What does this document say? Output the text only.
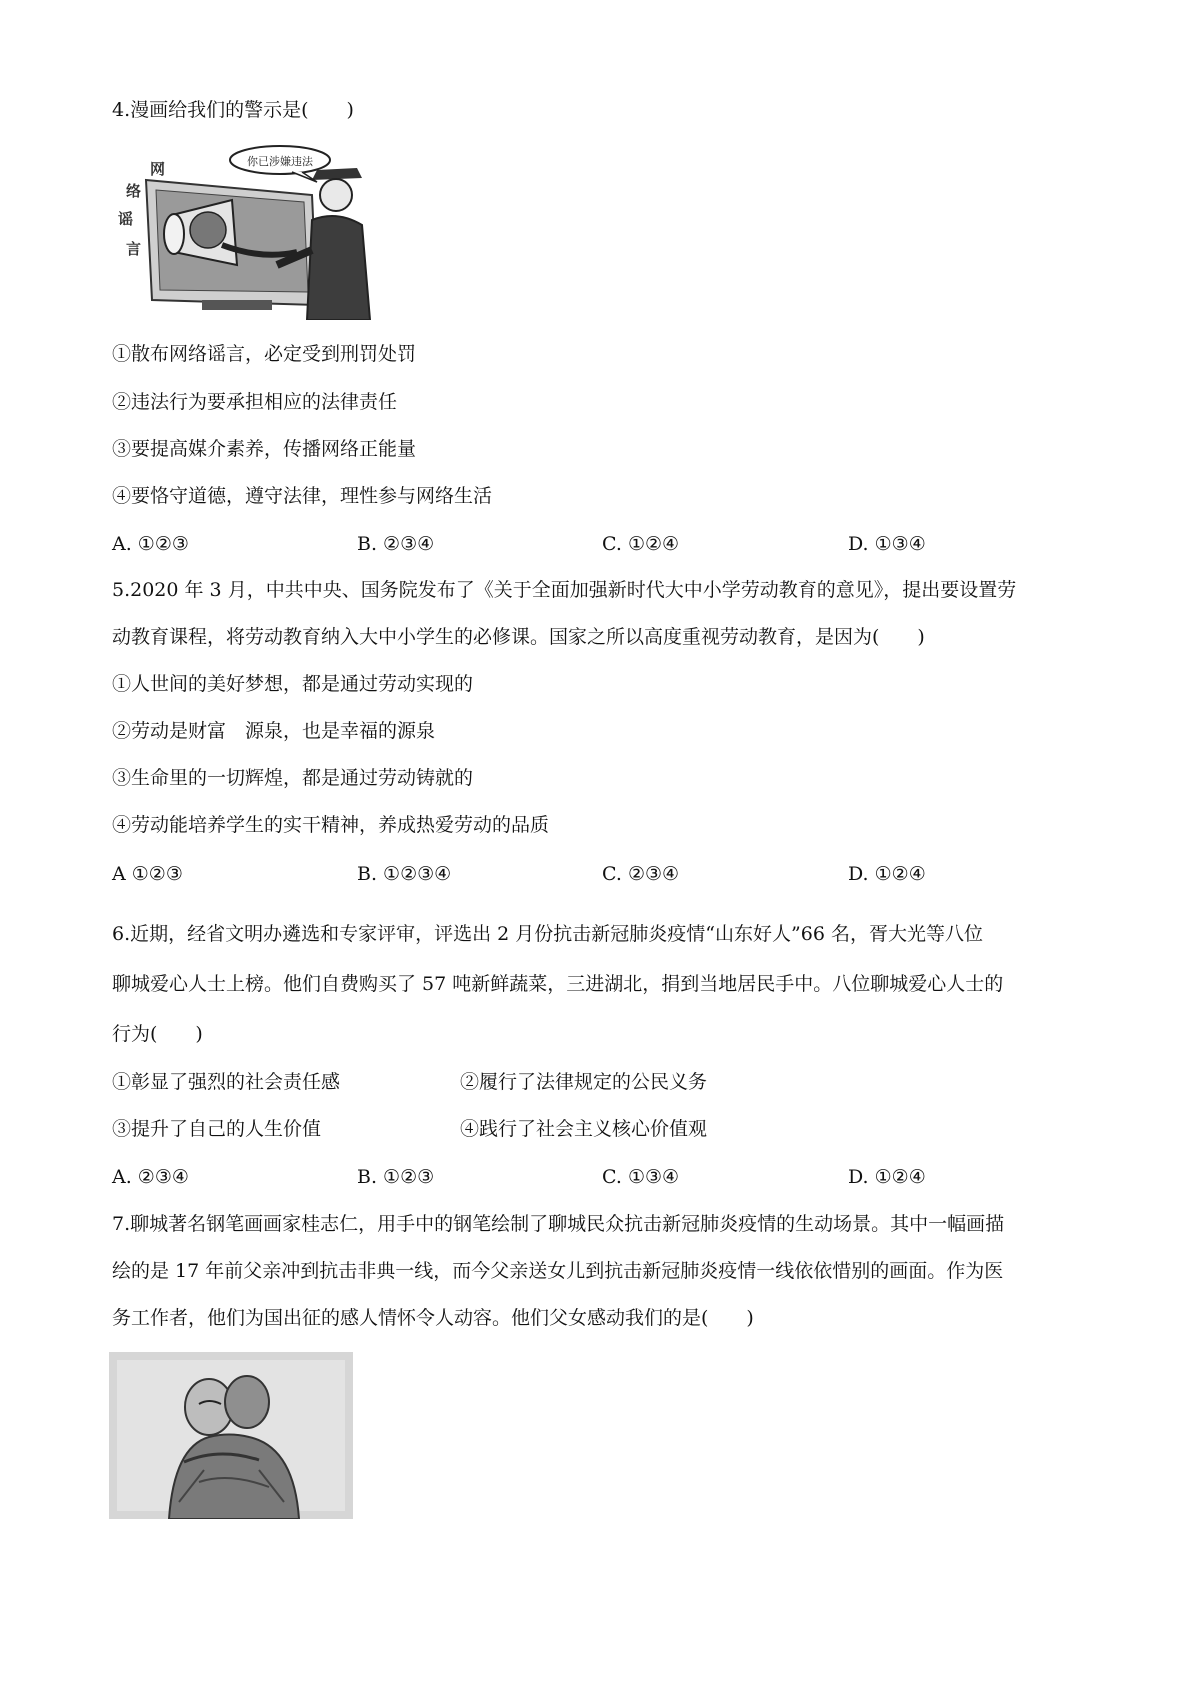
4.漫画给我们的警示是(　　)
你已涉嫌违法
网
络
谣
言
①散布网络谣言，必定受到刑罚处罚
②违法行为要承担相应的法律责任
③要提高媒介素养，传播网络正能量
④要恪守道德，遵守法律，理性参与网络生活
A. ①②③	B. ②③④	C. ①②④	D. ①③④
5.2020 年 3 月，中共中央、国务院发布了《关于全面加强新时代大中小学劳动教育的意见》，提出要设置劳
动教育课程，将劳动教育纳入大中小学生的必修课。国家之所以高度重视劳动教育，是因为(　　)
①人世间的美好梦想，都是通过劳动实现的
②劳动是财富　源泉，也是幸福的源泉
③生命里的一切辉煌，都是通过劳动铸就的
④劳动能培养学生的实干精神，养成热爱劳动的品质
A ①②③	B. ①②③④	C. ②③④	D. ①②④
6.近期，经省文明办遴选和专家评审，评选出 2 月份抗击新冠肺炎疫情“山东好人”66 名，胥大光等八位
聊城爱心人士上榜。他们自费购买了 57 吨新鲜蔬菜，三进湖北，捐到当地居民手中。八位聊城爱心人士的
行为(　　)
①彰显了强烈的社会责任感	②履行了法律规定的公民义务
③提升了自己的人生价值	④践行了社会主义核心价值观
A. ②③④	B. ①②③	C. ①③④	D. ①②④
7.聊城著名钢笔画画家桂志仁，用手中的钢笔绘制了聊城民众抗击新冠肺炎疫情的生动场景。其中一幅画描
绘的是 17 年前父亲冲到抗击非典一线，而今父亲送女儿到抗击新冠肺炎疫情一线依依惜别的画面。作为医
务工作者，他们为国出征的感人情怀令人动容。他们父女感动我们的是(　　)
